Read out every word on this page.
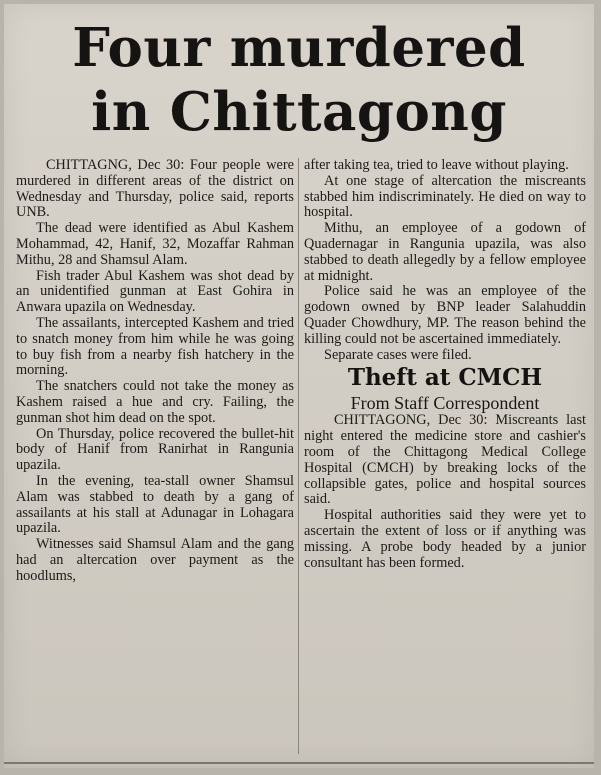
Four murdered
in Chittagong

CHITTAGNG, Dec 30: Four people were murdered in different areas of the district on Wednesday and Thursday, police said, reports UNB.

The dead were identified as Abul Kashem Mohammad, 42, Hanif, 32, Mozaffar Rahman Mithu, 28 and Shamsul Alam.

Fish trader Abul Kashem was shot dead by an unidentified gunman at East Gohira in Anwara upazila on Wednesday.

The assailants, intercepted Kashem and tried to snatch money from him while he was going to buy fish from a nearby fish hatchery in the morning.

The snatchers could not take the money as Kashem raised a hue and cry. Failing, the gunman shot him dead on the spot.

On Thursday, police recovered the bullet-hit body of Hanif from Ranirhat in Rangunia upazila.

In the evening, tea-stall owner Shamsul Alam was stabbed to death by a gang of assailants at his stall at Adunagar in Lohagara upazila.

Witnesses said Shamsul Alam and the gang had an altercation over payment as the hoodlums,

after taking tea, tried to leave without playing.

At one stage of altercation the miscreants stabbed him indiscriminately. He died on way to hospital.

Mithu, an employee of a godown of Quadernagar in Rangunia upazila, was also stabbed to death allegedly by a fellow employee at midnight.

Police said he was an employee of the godown owned by BNP leader Salahuddin Quader Chowdhury, MP. The reason behind the killing could not be ascertained immediately.

Separate cases were filed.

Theft at CMCH

From Staff Correspondent

CHITTAGONG, Dec 30: Miscreants last night entered the medicine store and cashier's room of the Chittagong Medical College Hospital (CMCH) by breaking locks of the collapsible gates, police and hospital sources said.

Hospital authorities said they were yet to ascertain the extent of loss or if anything was missing. A probe body headed by a junior consultant has been formed.
